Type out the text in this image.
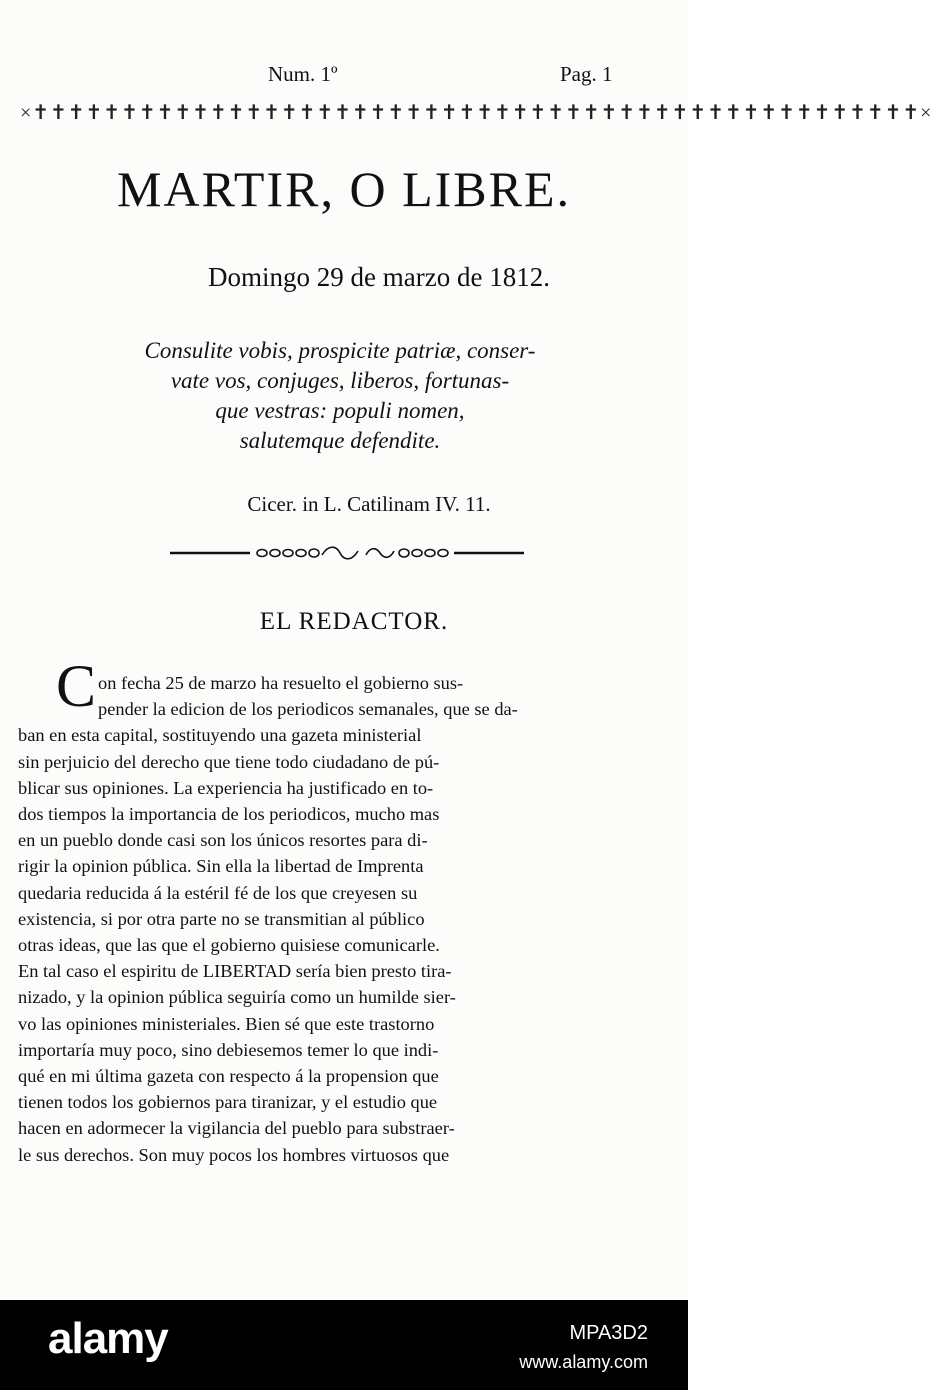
Num. 1º	Pag. 1
×✝✝✝✝✝✝✝✝✝✝✝✝✝✝✝✝✝✝✝✝✝✝✝✝✝✝✝✝✝✝✝✝✝✝✝✝✝✝✝✝✝✝✝✝✝✝✝✝✝✝×
MARTIR, O LIBRE.
Domingo 29 de marzo de 1812.
Consulite vobis, prospicite patriæ, conser-
vate vos, conjuges, liberos, fortunas-
que vestras: populi nomen,
salutemque defendite.
Cicer. in L. Catilinam IV. 11.
EL REDACTOR.
C on fecha 25 de marzo ha resuelto el gobierno sus-
pender la edicion de los periodicos semanales, que se da-
ban en esta capital, sostituyendo una gazeta ministerial
sin perjuicio del derecho que tiene todo ciudadano de pú-
blicar sus opiniones. La experiencia ha justificado en to-
dos tiempos la importancia de los periodicos, mucho mas
en un pueblo donde casi son los únicos resortes para di-
rigir la opinion pública. Sin ella la libertad de Imprenta
quedaria reducida á la estéril fé de los que creyesen su
existencia, si por otra parte no se transmitian al público
otras ideas, que las que el gobierno quisiese comunicarle.
En tal caso el espiritu de LIBERTAD sería bien presto tira-
nizado, y la opinion pública seguiría como un humilde sier-
vo las opiniones ministeriales. Bien sé que este trastorno
importaría muy poco, sino debiesemos temer lo que indi-
qué en mi última gazeta con respecto á la propension que
tienen todos los gobiernos para tiranizar, y el estudio que
hacen en adormecer la vigilancia del pueblo para substraer-
le sus derechos. Son muy pocos los hombres virtuosos que
alamy	MPA3D2
www.alamy.com
